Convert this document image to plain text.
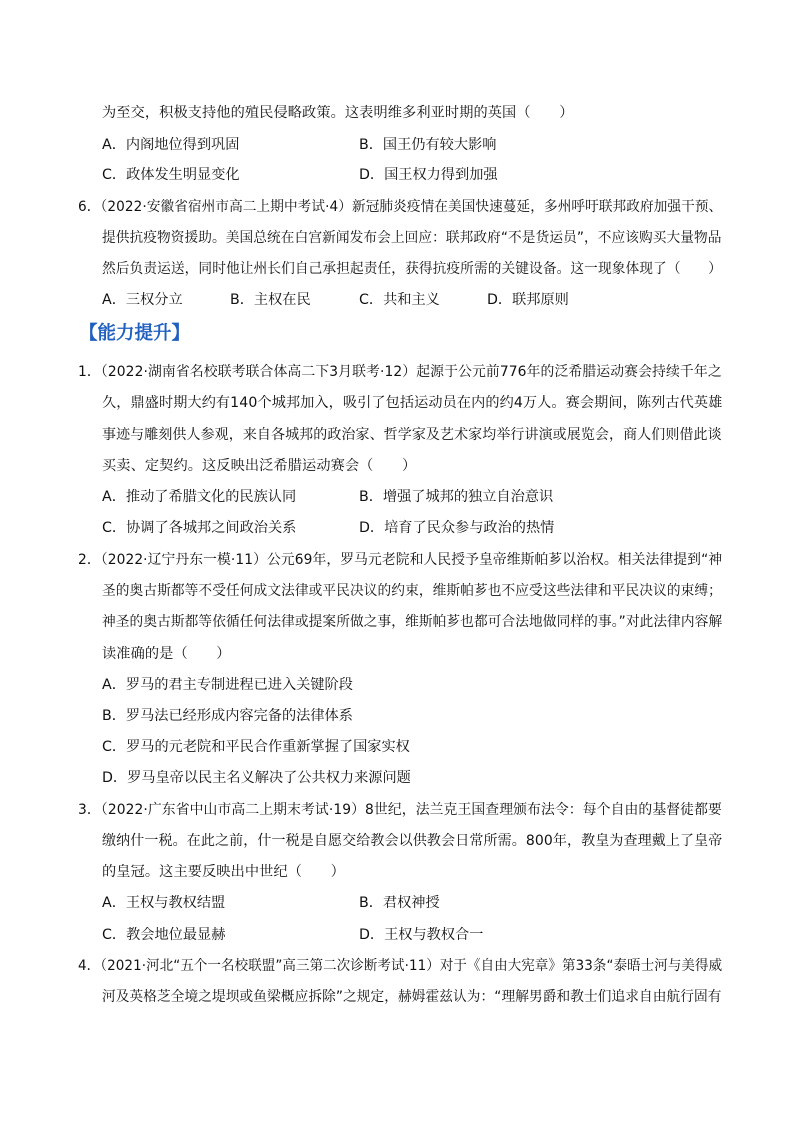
为至交，积极支持他的殖民侵略政策。这表明维多利亚时期的英国（　　）
A．内阁地位得到巩固	B．国王仍有较大影响
C．政体发生明显变化	D．国王权力得到加强
6．（2022·安徽省宿州市高二上期中考试·4）新冠肺炎疫情在美国快速蔓延，多州呼吁联邦政府加强干预、
提供抗疫物资援助。美国总统在白宫新闻发布会上回应：联邦政府“不是货运员”，不应该购买大量物品
然后负责运送，同时他让州长们自己承担起责任，获得抗疫所需的关键设备。这一现象体现了（　　）
A．三权分立	B．主权在民	C．共和主义	D．联邦原则
【能力提升】
1．（2022·湖南省名校联考联合体高二下3月联考·12）起源于公元前776年的泛希腊运动赛会持续千年之
久，鼎盛时期大约有140个城邦加入，吸引了包括运动员在内的约4万人。赛会期间，陈列古代英雄
事迹与雕刻供人参观，来自各城邦的政治家、哲学家及艺术家均举行讲演或展览会，商人们则借此谈
买卖、定契约。这反映出泛希腊运动赛会（　　）
A．推动了希腊文化的民族认同	B．增强了城邦的独立自治意识
C．协调了各城邦之间政治关系	D．培育了民众参与政治的热情
2．（2022·辽宁丹东一模·11）公元69年，罗马元老院和人民授予皇帝维斯帕芗以治权。相关法律提到“神
圣的奥古斯都等不受任何成文法律或平民决议的约束，维斯帕芗也不应受这些法律和平民决议的束缚；
神圣的奥古斯都等依循任何法律或提案所做之事，维斯帕芗也都可合法地做同样的事。”对此法律内容解
读准确的是（　　）
A．罗马的君主专制进程已进入关键阶段
B．罗马法已经形成内容完备的法律体系
C．罗马的元老院和平民合作重新掌握了国家实权
D．罗马皇帝以民主名义解决了公共权力来源问题
3．（2022·广东省中山市高二上期末考试·19）8世纪，法兰克王国查理颁布法令：每个自由的基督徒都要
缴纳什一税。在此之前，什一税是自愿交给教会以供教会日常所需。800年，教皇为查理戴上了皇帝
的皇冠。这主要反映出中世纪（　　）
A．王权与教权结盟	B．君权神授
C．教会地位最显赫	D．王权与教权合一
4．（2021·河北“五个一名校联盟”高三第二次诊断考试·11）对于《自由大宪章》第33条“泰晤士河与美得威
河及英格芝全境之堤坝或鱼梁概应拆除”之规定，赫姆霍兹认为：“理解男爵和教士们追求自由航行固有
